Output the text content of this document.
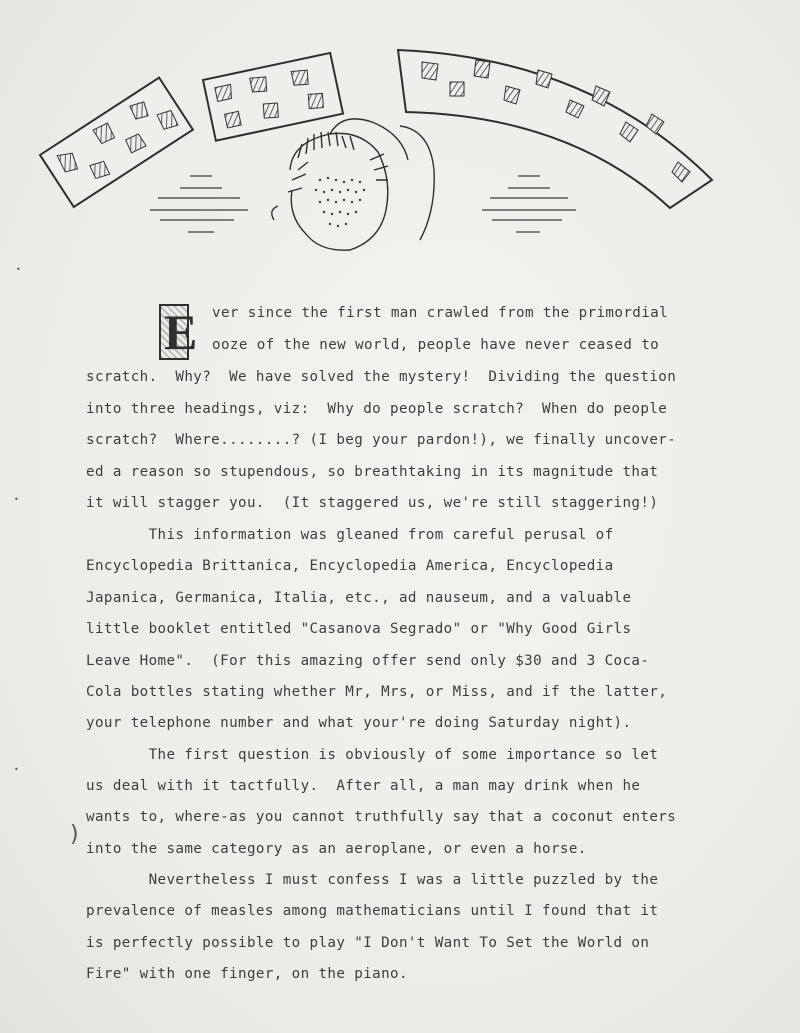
E ver since the first man crawled from the primordial
ooze of the new world, people have never ceased to
scratch.  Why?  We have solved the mystery!  Dividing the question
into three headings, viz:  Why do people scratch?  When do people
scratch?  Where........? (I beg your pardon!), we finally uncover-
ed a reason so stupendous, so breathtaking in its magnitude that
it will stagger you.  (It staggered us, we're still staggering!)
This information was gleaned from careful perusal of
Encyclopedia Brittanica, Encyclopedia America, Encyclopedia
Japanica, Germanica, Italia, etc., ad nauseum, and a valuable
little booklet entitled "Casanova Segrado" or "Why Good Girls
Leave Home".  (For this amazing offer send only $30 and 3 Coca-
Cola bottles stating whether Mr, Mrs, or Miss, and if the latter,
your telephone number and what your're doing Saturday night).
The first question is obviously of some importance so let
us deal with it tactfully.  After all, a man may drink when he
wants to, where-as you cannot truthfully say that a coconut enters
into the same category as an aeroplane, or even a horse.
Nevertheless I must confess I was a little puzzled by the
prevalence of measles among mathematicians until I found that it
is perfectly possible to play "I Don't Want To Set the World on
Fire" with one finger, on the piano.
)
•
•
•
